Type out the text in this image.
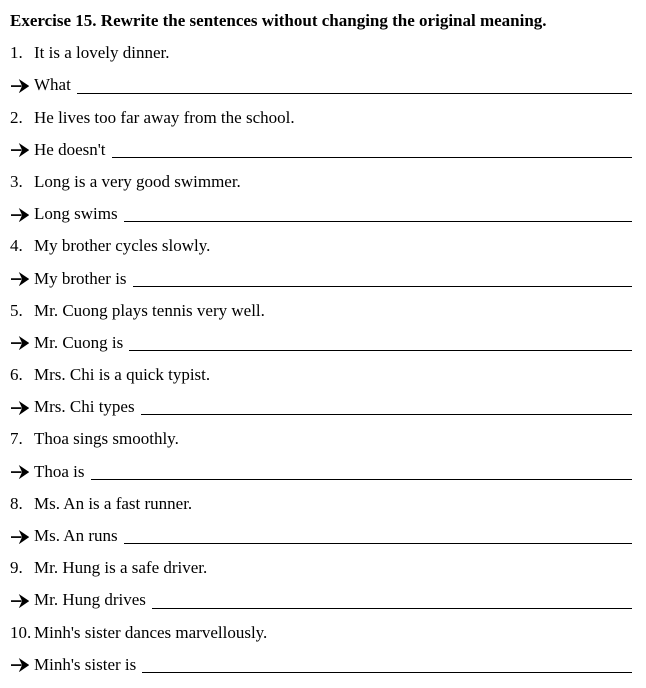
Exercise 15. Rewrite the sentences without changing the original meaning.
1. It is a lovely dinner.
What
2. He lives too far away from the school.
He doesn't
3. Long is a very good swimmer.
Long swims
4. My brother cycles slowly.
My brother is
5. Mr. Cuong plays tennis very well.
Mr. Cuong is
6. Mrs. Chi is a quick typist.
Mrs. Chi types
7. Thoa sings smoothly.
Thoa is
8. Ms. An is a fast runner.
Ms. An runs
9. Mr. Hung is a safe driver.
Mr. Hung drives
10. Minh's sister dances marvellously.
Minh's sister is
